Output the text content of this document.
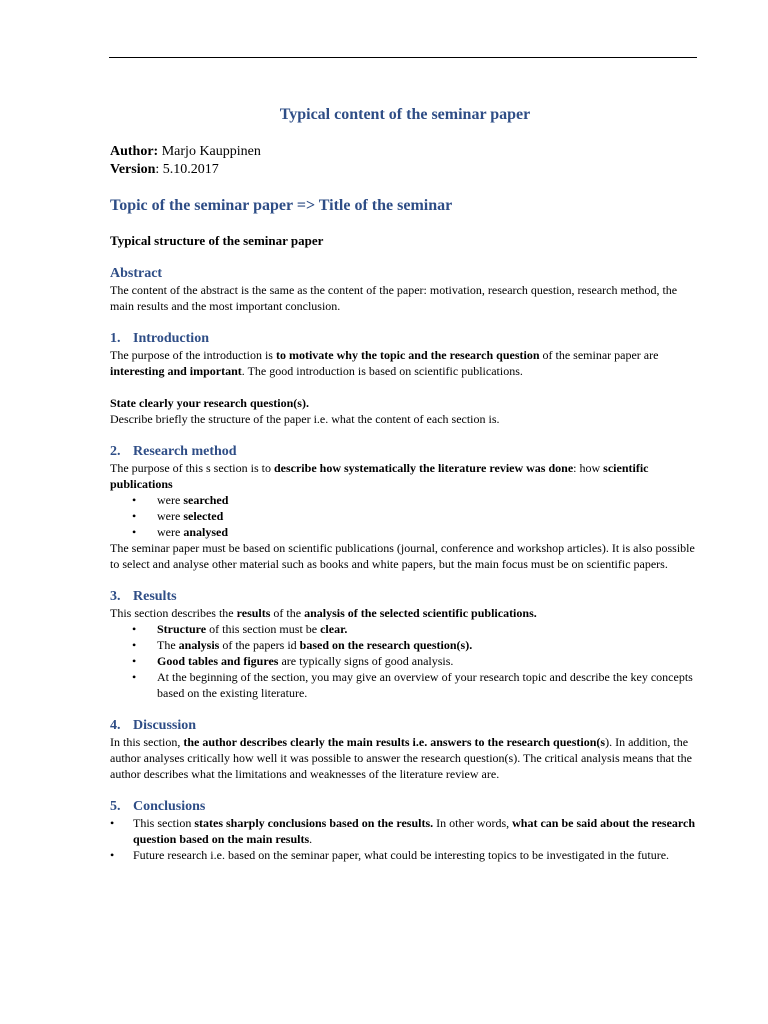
Typical content of the seminar paper
Author: Marjo Kauppinen
Version: 5.10.2017
Topic of the seminar paper => Title of the seminar
Typical structure of the seminar paper
Abstract

The content of the abstract is the same as the content of the paper: motivation, research question, research method, the main results and the most important conclusion.

1. Introduction

The purpose of the introduction is to motivate why the topic and the research question of the seminar paper are interesting and important. The good introduction is based on scientific publications.

State clearly your research question(s).

Describe briefly the structure of the paper i.e. what the content of each section is.

2. Research method

The purpose of this s section is to describe how systematically the literature review was done: how scientific publications

• were searched
• were selected
• were analysed

The seminar paper must be based on scientific publications (journal, conference and workshop articles). It is also possible to select and analyse other material such as books and white papers, but the main focus must be on scientific papers.

3. Results

This section describes the results of the analysis of the selected scientific publications.

• Structure of this section must be clear.
• The analysis of the papers id based on the research question(s).
• Good tables and figures are typically signs of good analysis.
• At the beginning of the section, you may give an overview of your research topic and describe the key concepts based on the existing literature.
4. Discussion

In this section, the author describes clearly the main results i.e. answers to the research question(s). In addition, the author analyses critically how well it was possible to answer the research question(s). The critical analysis means that the author describes what the limitations and weaknesses of the literature review are.

5. Conclusions
• This section states sharply conclusions based on the results. In other words, what can be said about the research question based on the main results.
• Future research i.e. based on the seminar paper, what could be interesting topics to be investigated in the future.
